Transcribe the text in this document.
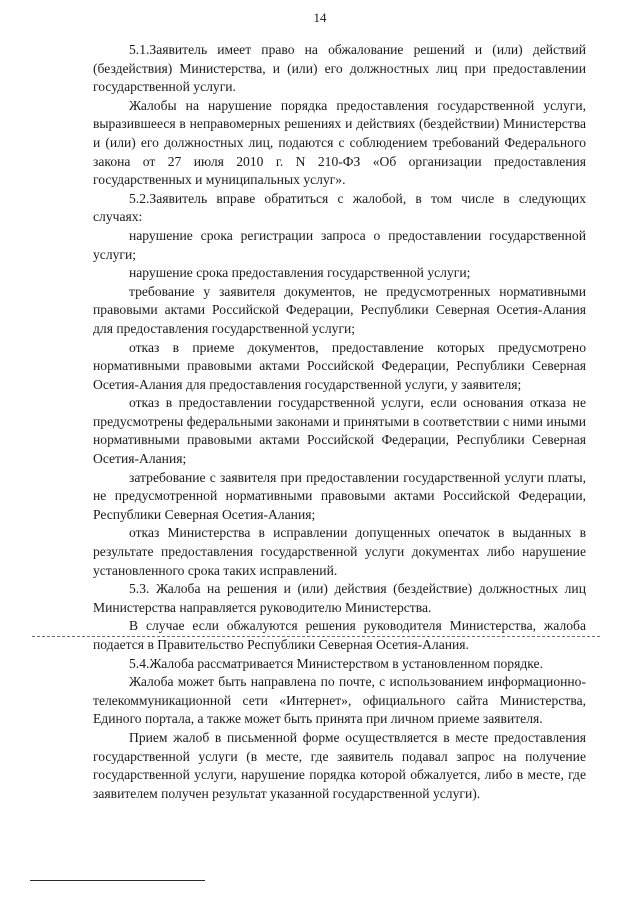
14

5.1.Заявитель имеет право на обжалование решений и (или) действий (бездействия) Министерства, и (или) его должностных лиц при предоставлении государственной услуги.

Жалобы на нарушение порядка предоставления государственной услуги, выразившееся в неправомерных решениях и действиях (бездействии) Министерства и (или) его должностных лиц, подаются с соблюдением требований Федерального закона от 27 июля 2010 г. N 210-ФЗ «Об организации предоставления государственных и муниципальных услуг».

5.2.Заявитель вправе обратиться с жалобой, в том числе в следующих случаях:

нарушение срока регистрации запроса о предоставлении государственной услуги;

нарушение срока предоставления государственной услуги;

требование у заявителя документов, не предусмотренных нормативными правовыми актами Российской Федерации, Республики Северная Осетия-Алания для предоставления государственной услуги;

отказ в приеме документов, предоставление которых предусмотрено нормативными правовыми актами Российской Федерации, Республики Северная Осетия-Алания для предоставления государственной услуги, у заявителя;

отказ в предоставлении государственной услуги, если основания отказа не предусмотрены федеральными законами и принятыми в соответствии с ними иными нормативными правовыми актами Российской Федерации, Республики Северная Осетия-Алания;

затребование с заявителя при предоставлении государственной услуги платы, не предусмотренной нормативными правовыми актами Российской Федерации, Республики Северная Осетия-Алания;

отказ Министерства в исправлении допущенных опечаток в выданных в результате предоставления государственной услуги документах либо нарушение установленного срока таких исправлений.

5.3. Жалоба на решения и (или) действия (бездействие) должностных лиц Министерства направляется руководителю Министерства.

В случае если обжалуются решения руководителя Министерства, жалоба подается в Правительство Республики Северная Осетия-Алания.

5.4.Жалоба рассматривается Министерством в установленном порядке.

Жалоба может быть направлена по почте, с использованием информационно-телекоммуникационной сети «Интернет», официального сайта Министерства, Единого портала, а также может быть принята при личном приеме заявителя.

Прием жалоб в письменной форме осуществляется в месте предоставления государственной услуги (в месте, где заявитель подавал запрос на получение государственной услуги, нарушение порядка которой обжалуется, либо в месте, где заявителем получен результат указанной государственной услуги).
